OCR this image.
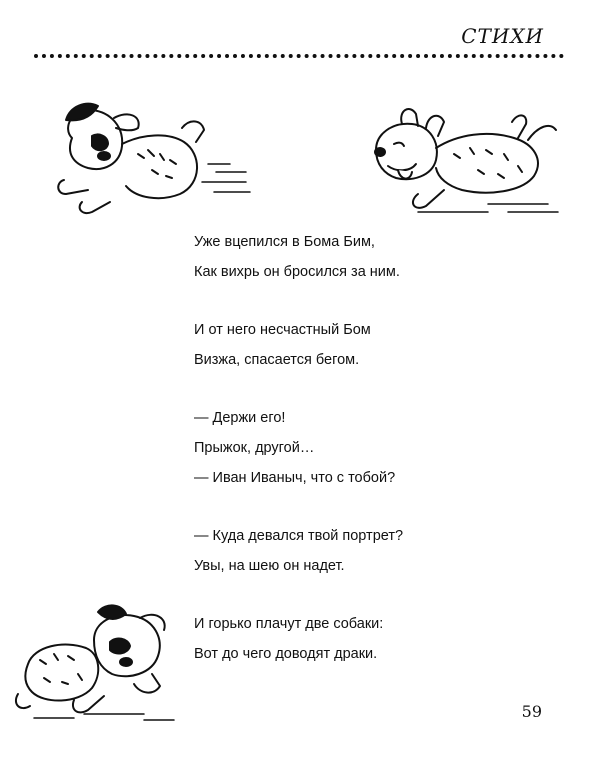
СТИХИ
Уже вцепился в Бома Бим,
Как вихрь он бросился за ним.
И от него несчастный Бом
Визжа, спасается бегом.
— Держи его!
Прыжок, другой…
— Иван Иваныч, что с тобой?
— Куда девался твой портрет?
Увы, на шею он надет.
И горько плачут две собаки:
Вот до чего доводят драки.
59
